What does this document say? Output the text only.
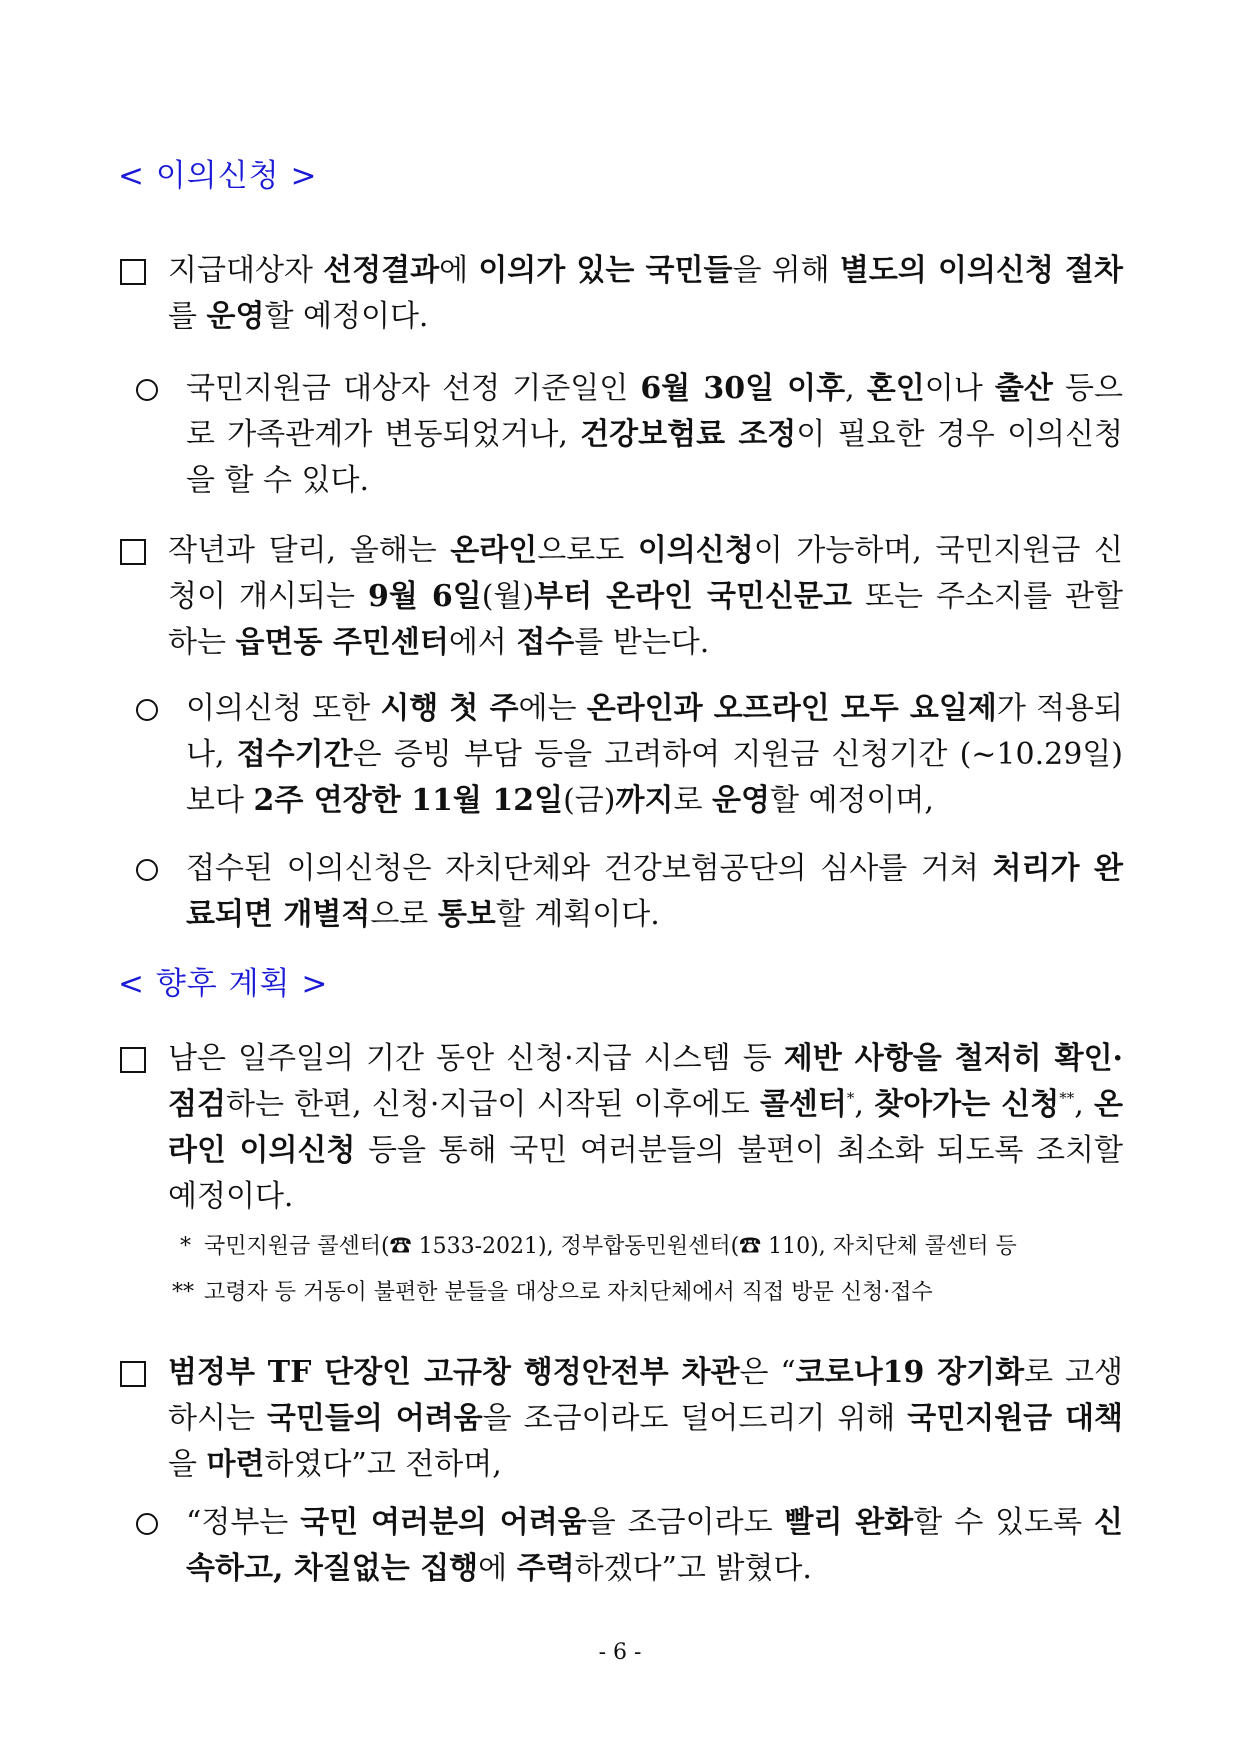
< 이의신청 >
지급대상자 선정결과에 이의가 있는 국민들을 위해 별도의 이의신청 절차를 운영할 예정이다.
국민지원금 대상자 선정 기준일인 6월 30일 이후, 혼인이나 출산 등으로 가족관계가 변동되었거나, 건강보험료 조정이 필요한 경우 이의신청을 할 수 있다.
작년과 달리, 올해는 온라인으로도 이의신청이 가능하며, 국민지원금 신청이 개시되는 9월 6일(월)부터 온라인 국민신문고 또는 주소지를 관할하는 읍면동 주민센터에서 접수를 받는다.
이의신청 또한 시행 첫 주에는 온라인과 오프라인 모두 요일제가 적용되나, 접수기간은 증빙 부담 등을 고려하여 지원금 신청기간 (~10.29일)보다 2주 연장한 11월 12일(금)까지로 운영할 예정이며,
접수된 이의신청은 자치단체와 건강보험공단의 심사를 거쳐 처리가 완료되면 개별적으로 통보할 계획이다.
< 향후 계획 >
남은 일주일의 기간 동안 신청·지급 시스템 등 제반 사항을 철저히 확인·점검하는 한편, 신청·지급이 시작된 이후에도 콜센터*, 찾아가는 신청**, 온라인 이의신청 등을 통해 국민 여러분들의 불편이 최소화 되도록 조치할 예정이다.
* 국민지원금 콜센터(☎ 1533-2021), 정부합동민원센터(☎ 110), 자치단체 콜센터 등
** 고령자 등 거동이 불편한 분들을 대상으로 자치단체에서 직접 방문 신청·접수
범정부 TF 단장인 고규창 행정안전부 차관은 “코로나19 장기화로 고생하시는 국민들의 어려움을 조금이라도 덜어드리기 위해 국민지원금 대책을 마련하였다”고 전하며,
“정부는 국민 여러분의 어려움을 조금이라도 빨리 완화할 수 있도록 신속하고, 차질없는 집행에 주력하겠다”고 밝혔다.
- 6 -
